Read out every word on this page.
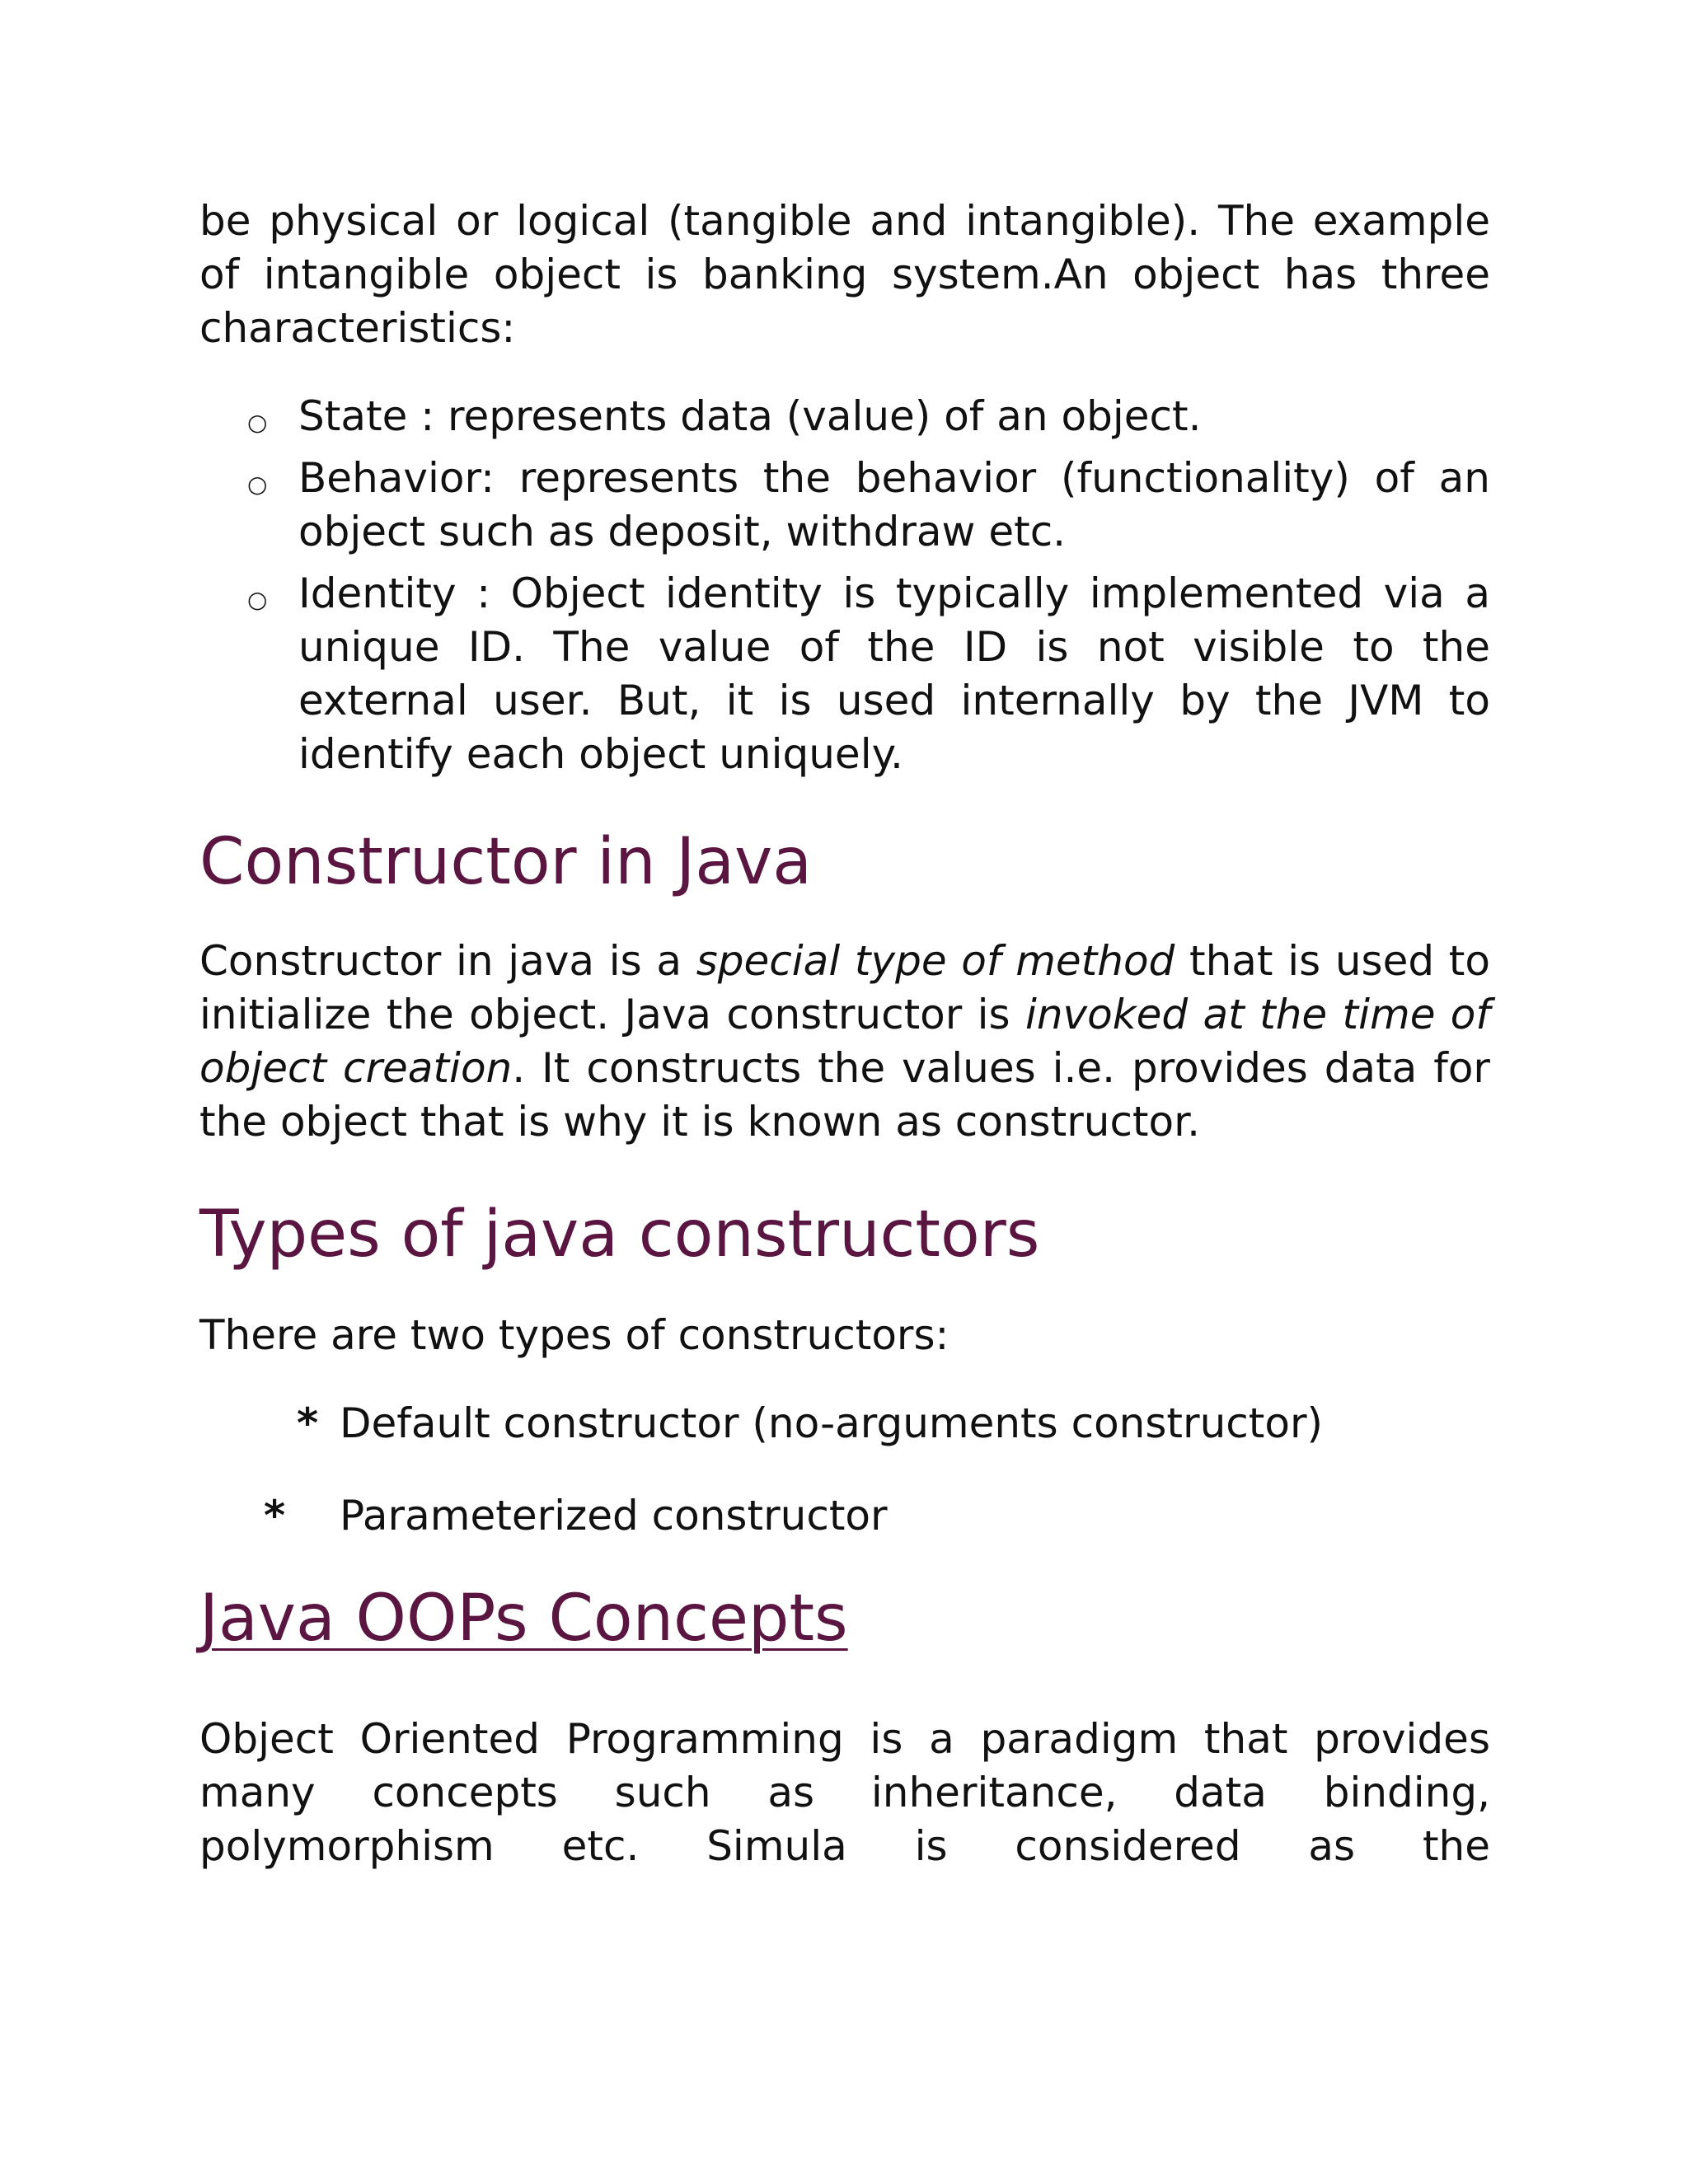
be physical or logical (tangible and intangible). The example of intangible object is banking system.An object has three characteristics:

○ State : represents data (value) of an object.
○ Behavior: represents the behavior (functionality) of an object such as deposit, withdraw etc.
○ Identity : Object identity is typically implemented via a unique ID. The value of the ID is not visible to the external user. But, it is used internally by the JVM to identify each object uniquely.
Constructor in Java

Constructor in java is a special type of method that is used to initialize the object. Java constructor is invoked at the time of object creation. It constructs the values i.e. provides data for the object that is why it is known as constructor.

Types of java constructors

There are two types of constructors:

* Default constructor (no-arguments constructor)
* Parameterized constructor
Java OOPs Concepts

Object Oriented Programming is a paradigm that provides many concepts such as inheritance, data binding, polymorphism etc. Simula is considered as the
